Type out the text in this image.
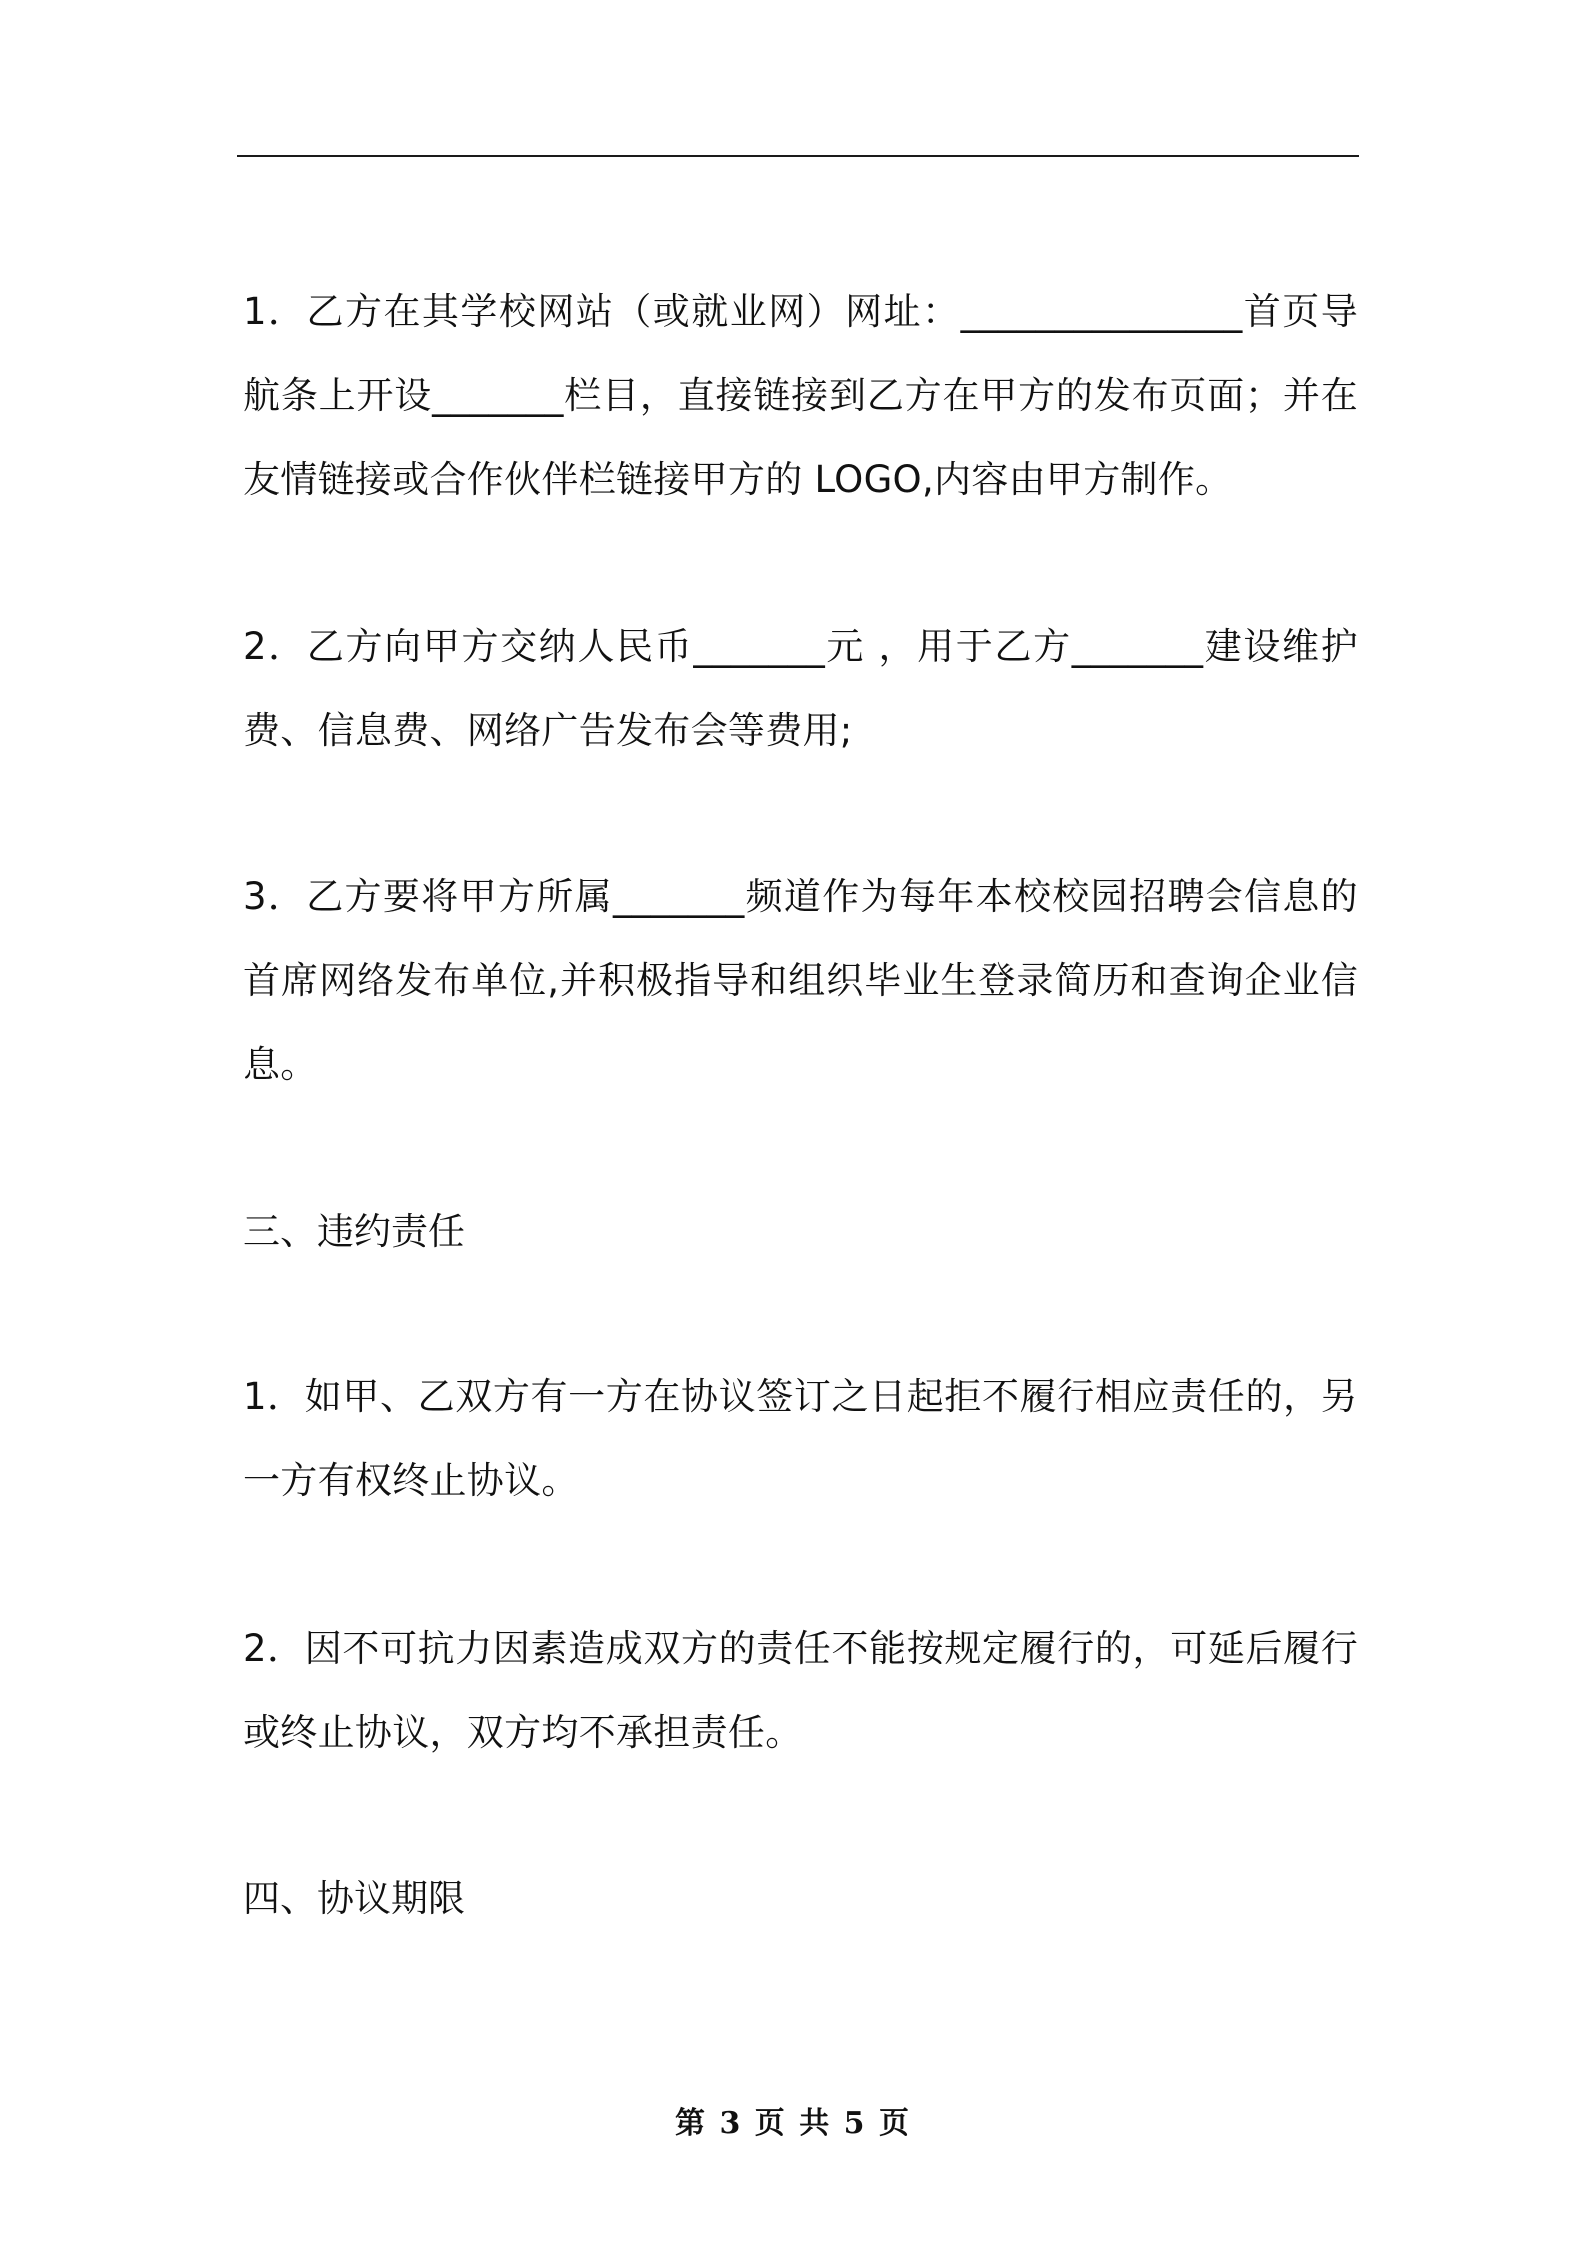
1．乙方在其学校网站（或就业网）网址：_______________首页导航条上开设_______栏目，直接链接到乙方在甲方的发布页面；并在友情链接或合作伙伴栏链接甲方的 LOGO,内容由甲方制作。

2．乙方向甲方交纳人民币_______元 ，用于乙方_______建设维护费、信息费、网络广告发布会等费用;

3．乙方要将甲方所属_______频道作为每年本校校园招聘会信息的首席网络发布单位,并积极指导和组织毕业生登录简历和查询企业信息。

三、违约责任

1．如甲、乙双方有一方在协议签订之日起拒不履行相应责任的，另一方有权终止协议。

2．因不可抗力因素造成双方的责任不能按规定履行的，可延后履行或终止协议，双方均不承担责任。

四、协议期限

第 3 页 共 5 页
